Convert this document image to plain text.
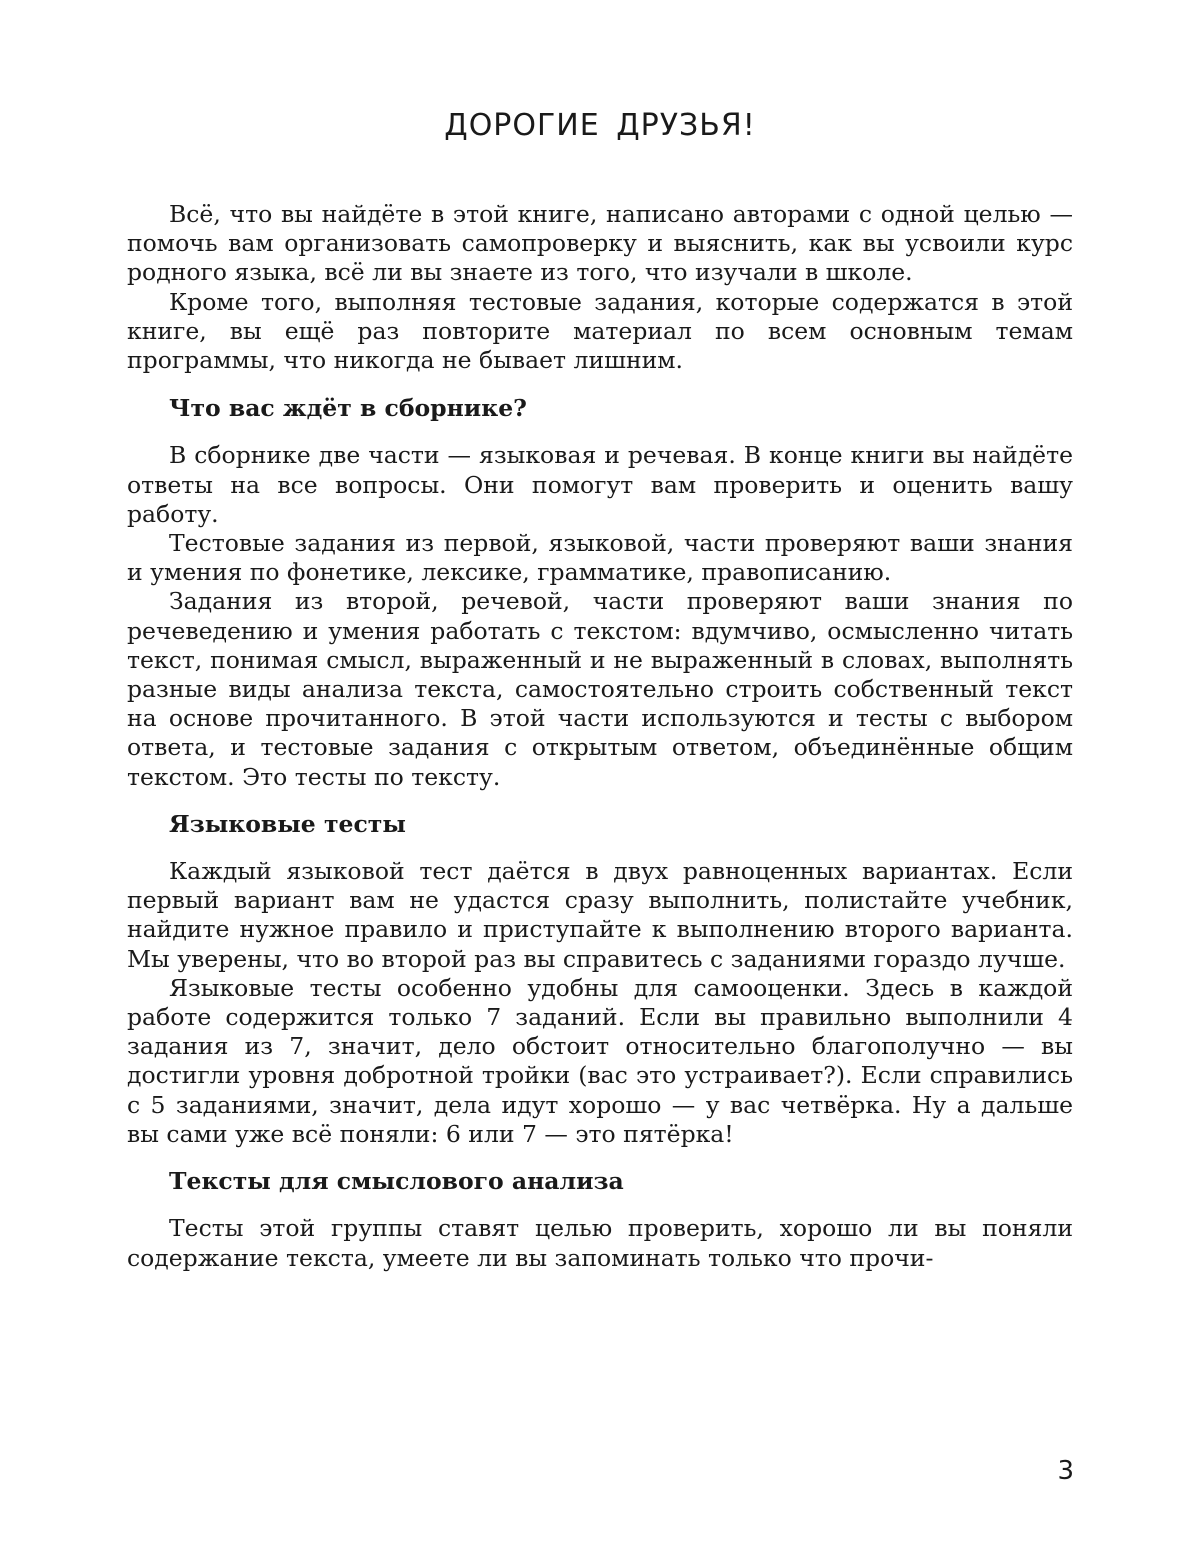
ДОРОГИЕ ДРУЗЬЯ!

Всё, что вы найдёте в этой книге, написано авторами с одной целью — помочь вам организовать самопроверку и выяснить, как вы усвоили курс родного языка, всё ли вы знаете из того, что изучали в школе.

Кроме того, выполняя тестовые задания, которые содержатся в этой книге, вы ещё раз повторите материал по всем основным темам программы, что никогда не бывает лишним.

Что вас ждёт в сборнике?

В сборнике две части — языковая и речевая. В конце книги вы найдёте ответы на все вопросы. Они помогут вам проверить и оценить вашу работу.

Тестовые задания из первой, языковой, части проверяют ваши знания и умения по фонетике, лексике, грамматике, правописанию.

Задания из второй, речевой, части проверяют ваши знания по речеведению и умения работать с текстом: вдумчиво, осмысленно читать текст, понимая смысл, выраженный и не выраженный в словах, выполнять разные виды анализа текста, самостоятельно строить собственный текст на основе прочитанного. В этой части используются и тесты с выбором ответа, и тестовые задания с открытым ответом, объединённые общим текстом. Это тесты по тексту.

Языковые тесты

Каждый языковой тест даётся в двух равноценных вариантах. Если первый вариант вам не удастся сразу выполнить, полистайте учебник, найдите нужное правило и приступайте к выполнению второго варианта. Мы уверены, что во второй раз вы справитесь с заданиями гораздо лучше.

Языковые тесты особенно удобны для самооценки. Здесь в каждой работе содержится только 7 заданий. Если вы правильно выполнили 4 задания из 7, значит, дело обстоит относительно благополучно — вы достигли уровня добротной тройки (вас это устраивает?). Если справились с 5 заданиями, значит, дела идут хорошо — у вас четвёрка. Ну а дальше вы сами уже всё поняли: 6 или 7 — это пятёрка!

Тексты для смыслового анализа

Тесты этой группы ставят целью проверить, хорошо ли вы поняли содержание текста, умеете ли вы запоминать только что прочи-

3
